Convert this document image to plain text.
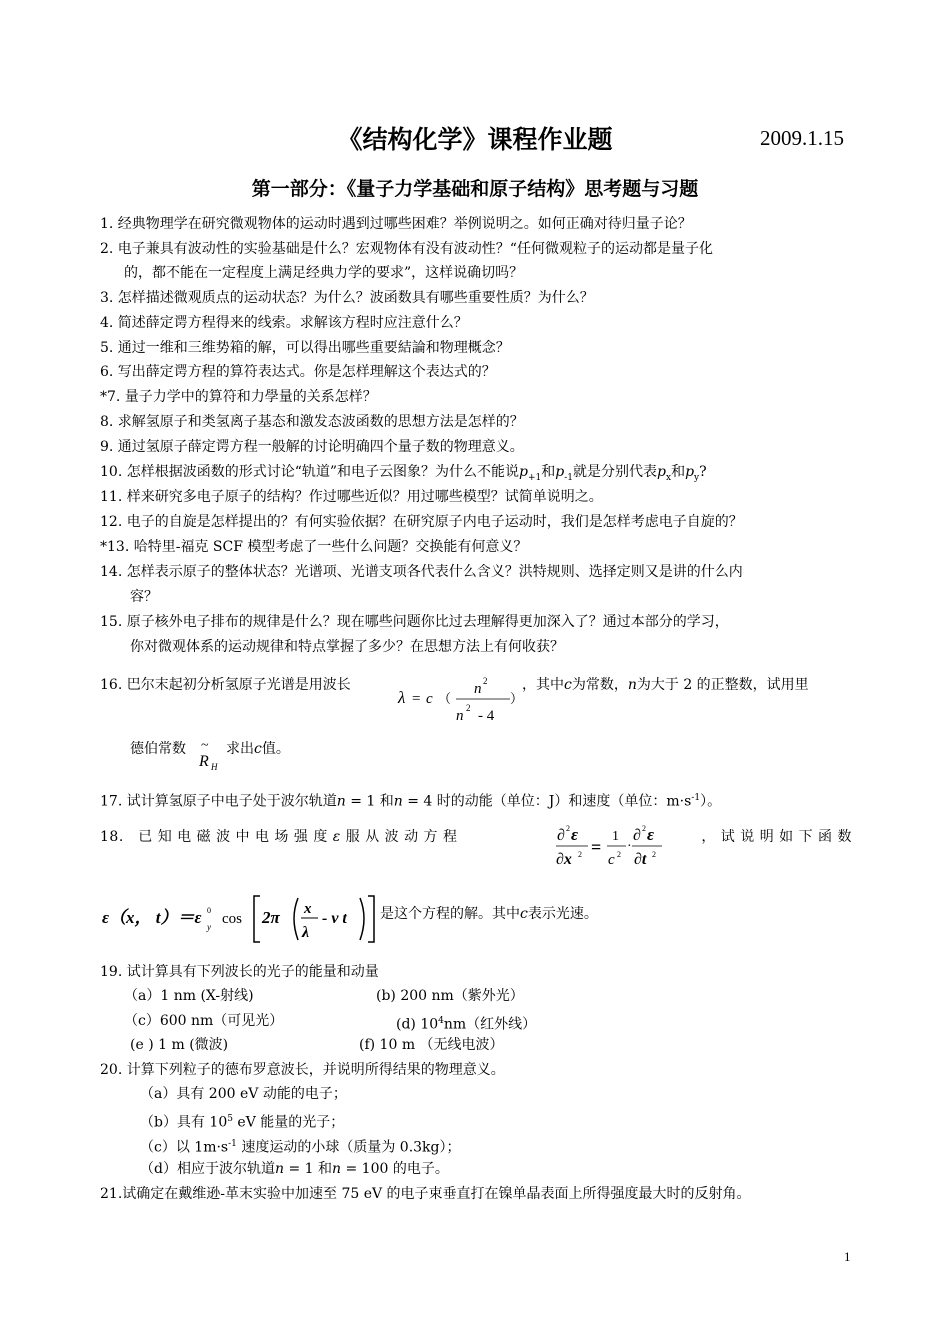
《结构化学》课程作业题	2009.1.15
第一部分：《量子力学基础和原子结构》思考题与习题
1. 经典物理学在研究微观物体的运动时遇到过哪些困难？举例说明之。如何正确对待归量子论？
2. 电子兼具有波动性的实验基础是什么？宏观物体有没有波动性？“任何微观粒子的运动都是量子化
的，都不能在一定程度上满足经典力学的要求”，这样说确切吗？
3. 怎样描述微观质点的运动状态？为什么？波函数具有哪些重要性质？为什么？
4. 简述薛定谔方程得来的线索。求解该方程时应注意什么？
5. 通过一维和三维势箱的解，可以得出哪些重要結論和物理概念？
6. 写出薛定谔方程的算符表达式。你是怎样理解这个表达式的？
*7. 量子力学中的算符和力學量的关系怎样？
8. 求解氢原子和类氢离子基态和激发态波函数的思想方法是怎样的？
9. 通过氢原子薛定谔方程一般解的讨论明确四个量子数的物理意义。
10. 怎样根据波函数的形式讨论“轨道”和电子云图象？为什么不能说$p_{+1}$和$p_{-1}$就是分别代表$p_x$和$p_y$?
11. 样来研究多电子原子的结构？作过哪些近似？用过哪些模型？试简单说明之。
12. 电子的自旋是怎样提出的？有何实验依据？在研究原子内电子运动时，我们是怎样考虑电子自旋的？
*13. 哈特里-福克 SCF 模型考虑了一些什么问题？交换能有何意义？
14. 怎样表示原子的整体状态？光谱项、光谱支项各代表什么含义？洪特规则、选择定则又是讲的什么内
容？
15. 原子核外电子排布的规律是什么？现在哪些问题你比过去理解得更加深入了？通过本部分的学习，
你对微观体系的运动规律和特点掌握了多少？在思想方法上有何收获？
16. 巴尔末起初分析氢原子光谱是用波长
λ = c （
n 2
n 2 - 4
）
，其中c为常数，n为大于 2 的正整数，试用里
德伯常数 ~
R H
求出c值。
17. 试计算氢原子中电子处于波尔轨道n = 1 和n = 4 时的动能（单位：J）和速度（单位：$m\cdot s^{-1}$）。
18.　已 知 电 磁 波 中 电 场 强 度 ε 服 从 波 动 方 程	∂ 2 ε
∂x 2 =
1
c 2
·
∂ 2 ε
∂t 2
， 试 说 明 如 下 函 数
ε（x， t）＝ε 0
y cos 2π x
λ
- ν t 是这个方程的解。其中c表示光速。
19. 试计算具有下列波长的光子的能量和动量
（a）1 nm (X-射线)	(b) 200 nm（紫外光）
（c）600 nm（可见光）	(d) $10^4nm$（红外线）
(e ) 1 m (微波)	(f) 10 m （无线电波）
20. 计算下列粒子的德布罗意波长，并说明所得结果的物理意义。
（a）具有 200 eV 动能的电子；
（b）具有 $10^5$ eV 能量的光子；
（c）以 $1m\cdot s^{-1}$ 速度运动的小球（质量为 0.3kg）；
（d）相应于波尔轨道n = 1 和n = 100 的电子。
21.试确定在戴维逊-革末实验中加速至 75 eV 的电子束垂直打在镍单晶表面上所得强度最大时的反射角。
1
